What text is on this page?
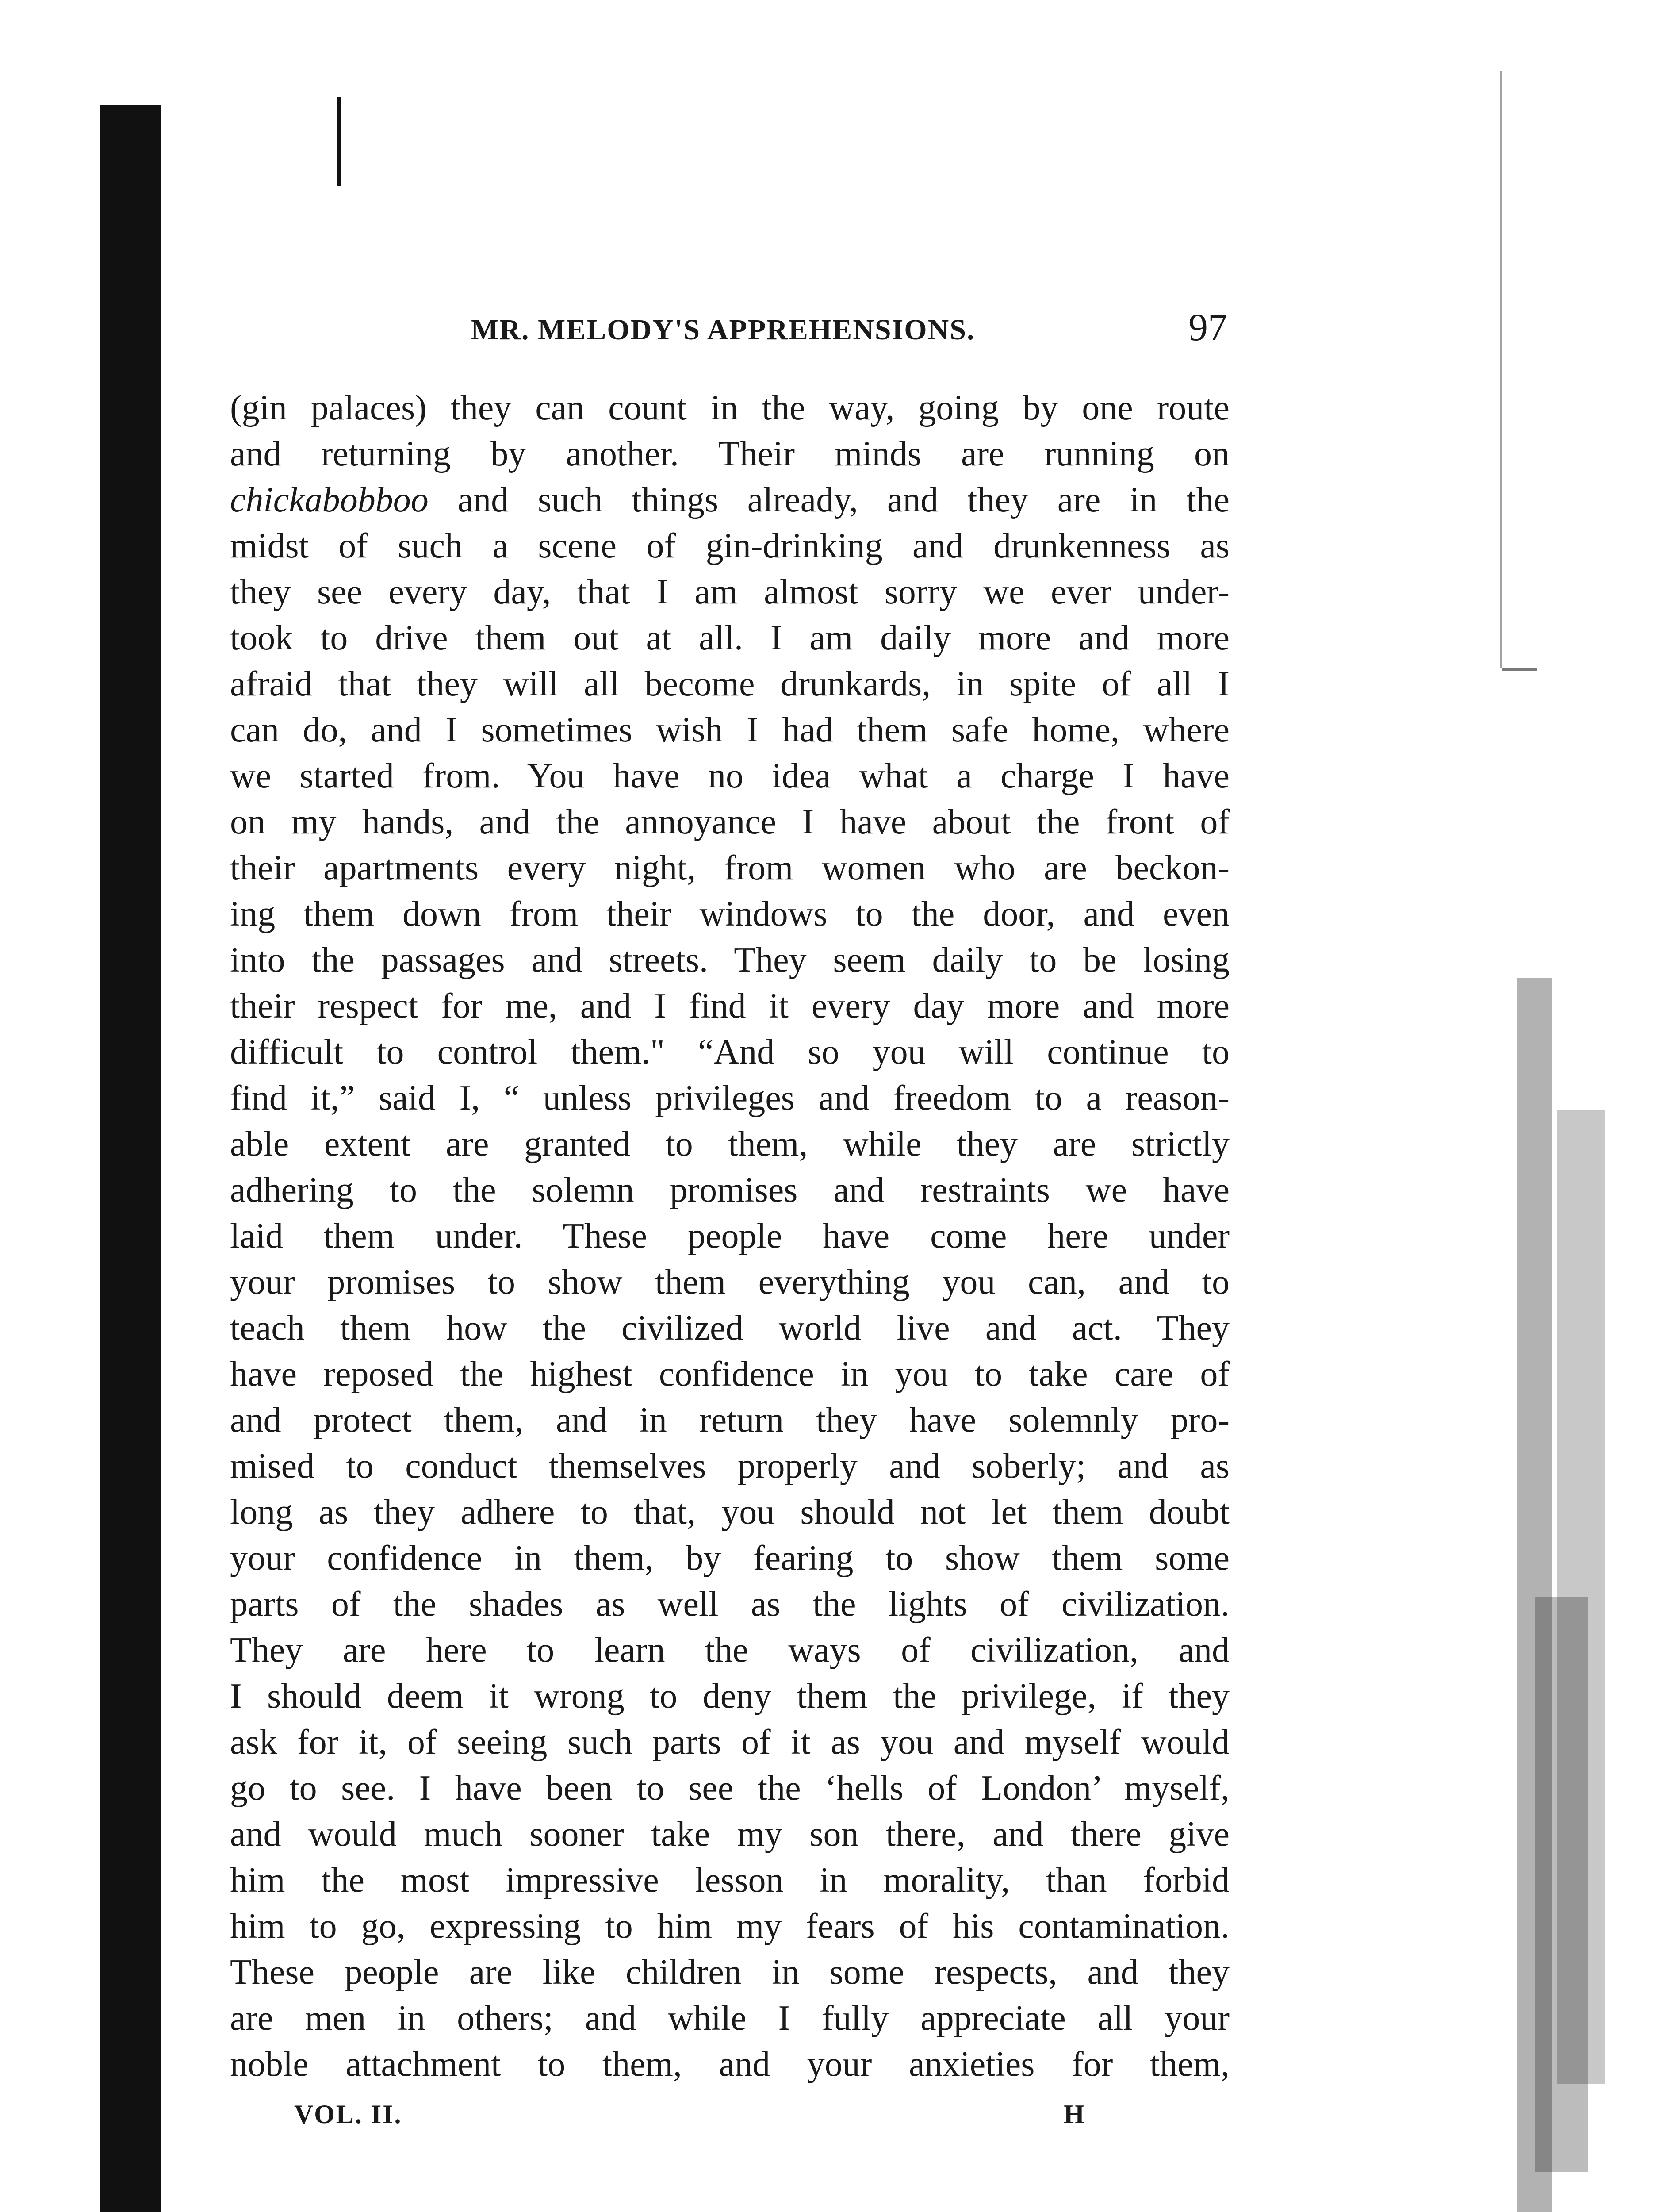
MR. MELODY'S APPREHENSIONS.	97
(gin palaces) they can count in the way, going by one route
and returning by another. Their minds are running on
chickabobboo and such things already, and they are in the
midst of such a scene of gin-drinking and drunkenness as
they see every day, that I am almost sorry we ever under-
took to drive them out at all. I am daily more and more
afraid that they will all become drunkards, in spite of all I
can do, and I sometimes wish I had them safe home, where
we started from. You have no idea what a charge I have
on my hands, and the annoyance I have about the front of
their apartments every night, from women who are beckon-
ing them down from their windows to the door, and even
into the passages and streets. They seem daily to be losing
their respect for me, and I find it every day more and more
difficult to control them." “And so you will continue to
find it,” said I, “ unless privileges and freedom to a reason-
able extent are granted to them, while they are strictly
adhering to the solemn promises and restraints we have
laid them under. These people have come here under
your promises to show them everything you can, and to
teach them how the civilized world live and act. They
have reposed the highest confidence in you to take care of
and protect them, and in return they have solemnly pro-
mised to conduct themselves properly and soberly; and as
long as they adhere to that, you should not let them doubt
your confidence in them, by fearing to show them some
parts of the shades as well as the lights of civilization.
They are here to learn the ways of civilization, and
I should deem it wrong to deny them the privilege, if they
ask for it, of seeing such parts of it as you and myself would
go to see. I have been to see the ‘hells of London’ myself,
and would much sooner take my son there, and there give
him the most impressive lesson in morality, than forbid
him to go, expressing to him my fears of his contamination.
These people are like children in some respects, and they
are men in others; and while I fully appreciate all your
noble attachment to them, and your anxieties for them,
VOL. II.	H
